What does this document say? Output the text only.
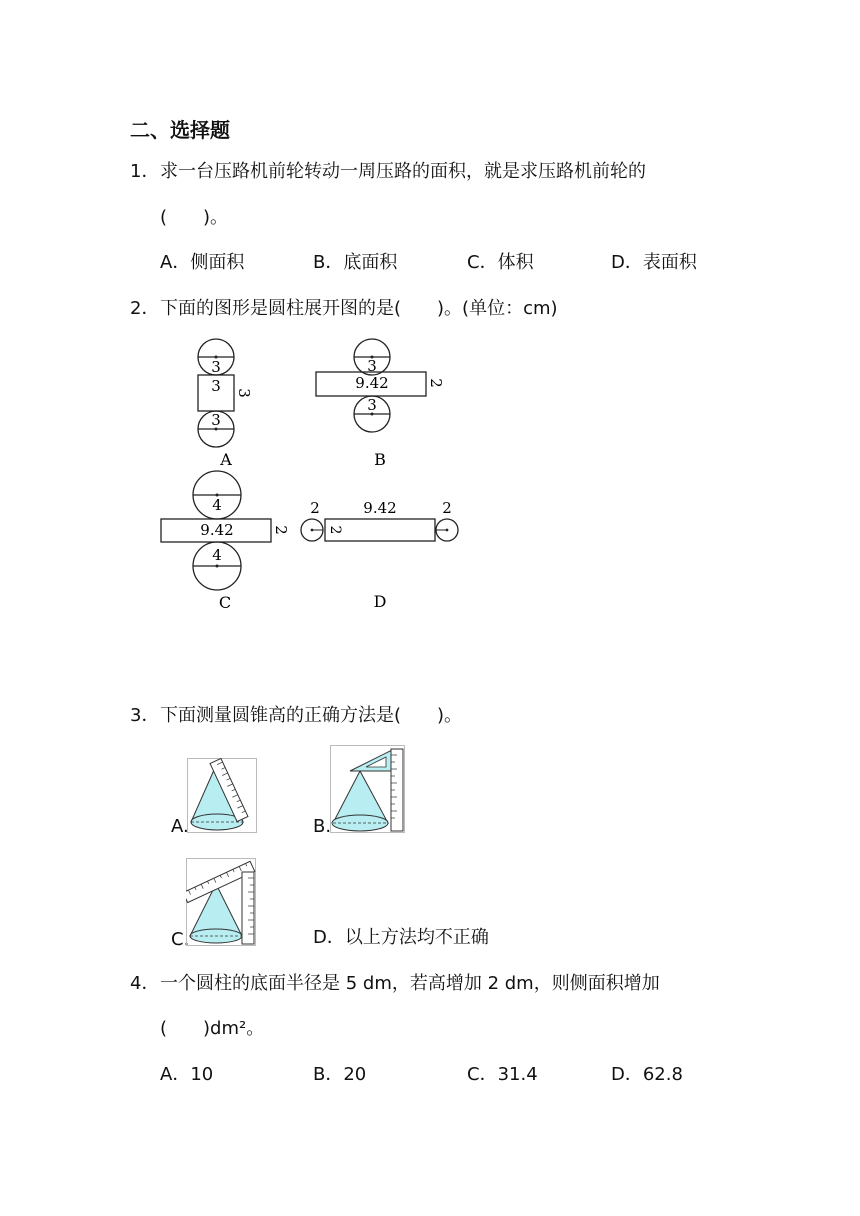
二、选择题
1． 求一台压路机前轮转动一周压路的面积，就是求压路机前轮的
(　　)。
A．侧面积	B．底面积	C．体积	D．表面积
2． 下面的图形是圆柱展开图的是(　　)。(单位：cm)
3
3 3
3
A
3
9.42	2
3
B
4
9.42	2
4
C
2	9.42
2
2
D
3． 下面测量圆锥高的正确方法是(　　)。
A.	B.
C.	D．以上方法均不正确
4． 一个圆柱的底面半径是 5 dm，若高增加 2 dm，则侧面积增加
(　　)dm²。
A．10	B．20	C．31.4	D．62.8
